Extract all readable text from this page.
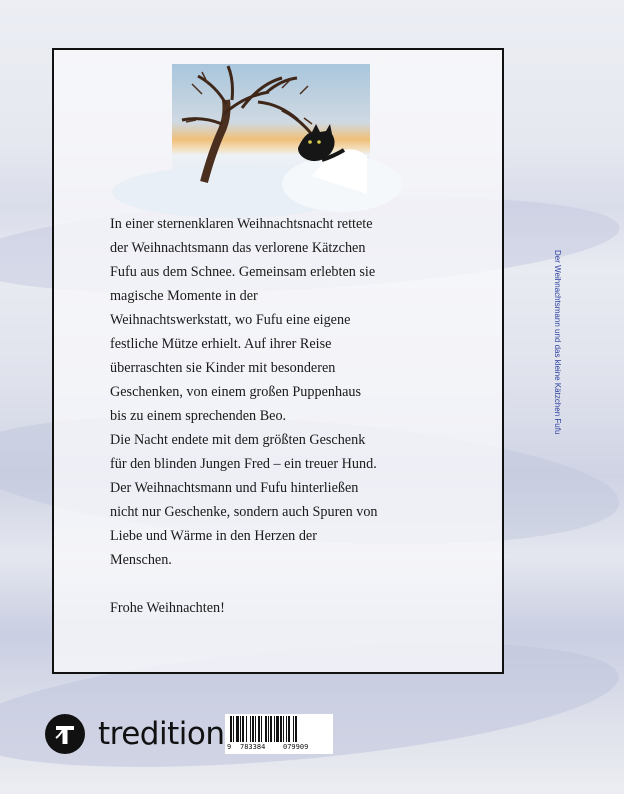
In einer sternenklaren Weihnachtsnacht rettete

der Weihnachtsmann das verlorene Kätzchen

Fufu aus dem Schnee. Gemeinsam erlebten sie

magische Momente in der

Weihnachtswerkstatt, wo Fufu eine eigene

festliche Mütze erhielt. Auf ihrer Reise

überraschten sie Kinder mit besonderen

Geschenken, von einem großen Puppenhaus

bis zu einem sprechenden Beo.

Die Nacht endete mit dem größten Geschenk

für den blinden Jungen Fred – ein treuer Hund.

Der Weihnachtsmann und Fufu hinterließen

nicht nur Geschenke, sondern auch Spuren von

Liebe und Wärme in den Herzen der

Menschen.

Frohe Weihnachten!

Der Weihnachtsmann und das kleine Kätzchen Fufu
tredition 9 783384	079909
